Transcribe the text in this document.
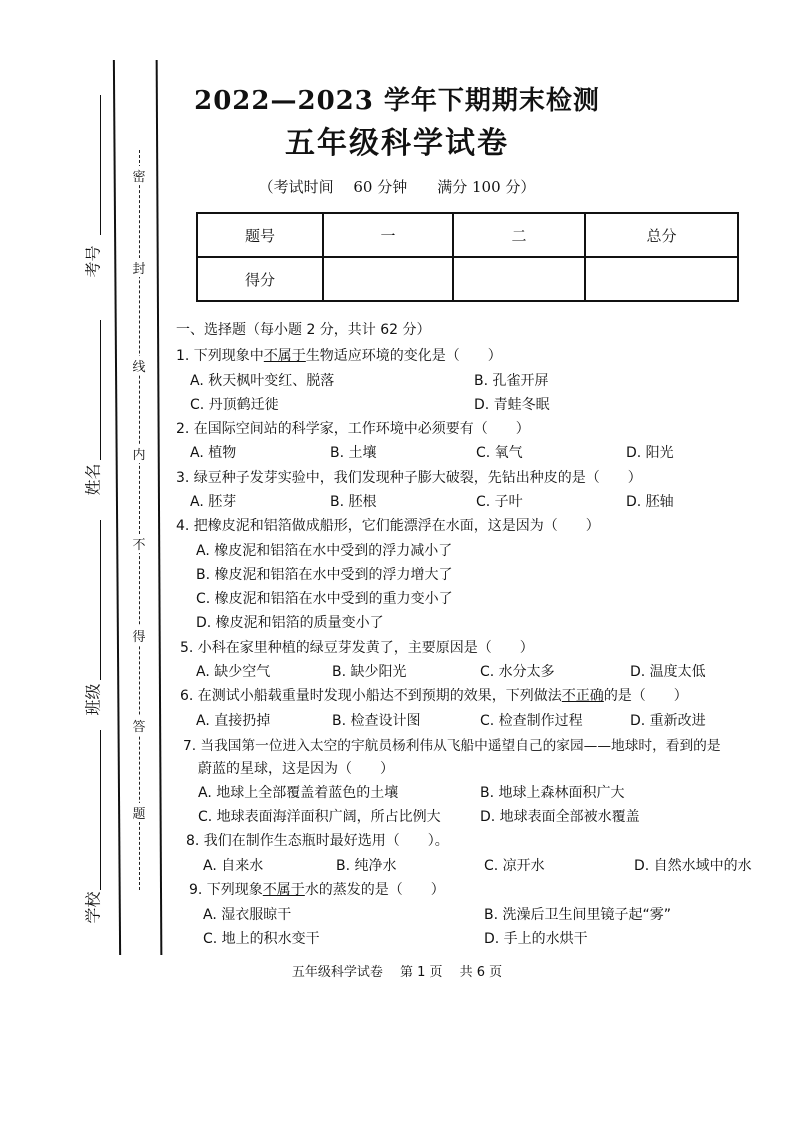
密
封
线
内
不
得
答
题
考号
姓名
班级
学校
2022—2023 学年下期期末检测
五年级科学试卷
（考试时间　 60 分钟　　满分 100 分）
题号	一	二	总分
得分			
一、选择题（每小题 2 分，共计 62 分）
1. 下列现象中不属于生物适应环境的变化是（　　）
A. 秋天枫叶变红、脱落	B. 孔雀开屏
C. 丹顶鹤迁徙	D. 青蛙冬眠
2. 在国际空间站的科学家，工作环境中必须要有（　　）
A. 植物	B. 土壤	C. 氧气	D. 阳光
3. 绿豆种子发芽实验中，我们发现种子膨大破裂，先钻出种皮的是（　　）
A. 胚芽	B. 胚根	C. 子叶	D. 胚轴
4. 把橡皮泥和铝箔做成船形，它们能漂浮在水面，这是因为（　　）
A. 橡皮泥和铝箔在水中受到的浮力减小了
B. 橡皮泥和铝箔在水中受到的浮力增大了
C. 橡皮泥和铝箔在水中受到的重力变小了
D. 橡皮泥和铝箔的质量变小了
5. 小科在家里种植的绿豆芽发黄了，主要原因是（　　）
A. 缺少空气	B. 缺少阳光	C. 水分太多	D. 温度太低
6. 在测试小船载重量时发现小船达不到预期的效果，下列做法不正确的是（　　）
A. 直接扔掉	B. 检查设计图	C. 检查制作过程	D. 重新改进
7. 当我国第一位进入太空的宇航员杨利伟从飞船中遥望自己的家园——地球时，看到的是
蔚蓝的星球，这是因为（　　）
A. 地球上全部覆盖着蓝色的土壤	B. 地球上森林面积广大
C. 地球表面海洋面积广阔，所占比例大	D. 地球表面全部被水覆盖
8. 我们在制作生态瓶时最好选用（　　）。
A. 自来水	B. 纯净水	C. 凉开水	D. 自然水域中的水
9. 下列现象不属于水的蒸发的是（　　）
A. 湿衣服晾干	B. 洗澡后卫生间里镜子起“雾”
C. 地上的积水变干	D. 手上的水烘干
五年级科学试卷　 第 1 页　 共 6 页
